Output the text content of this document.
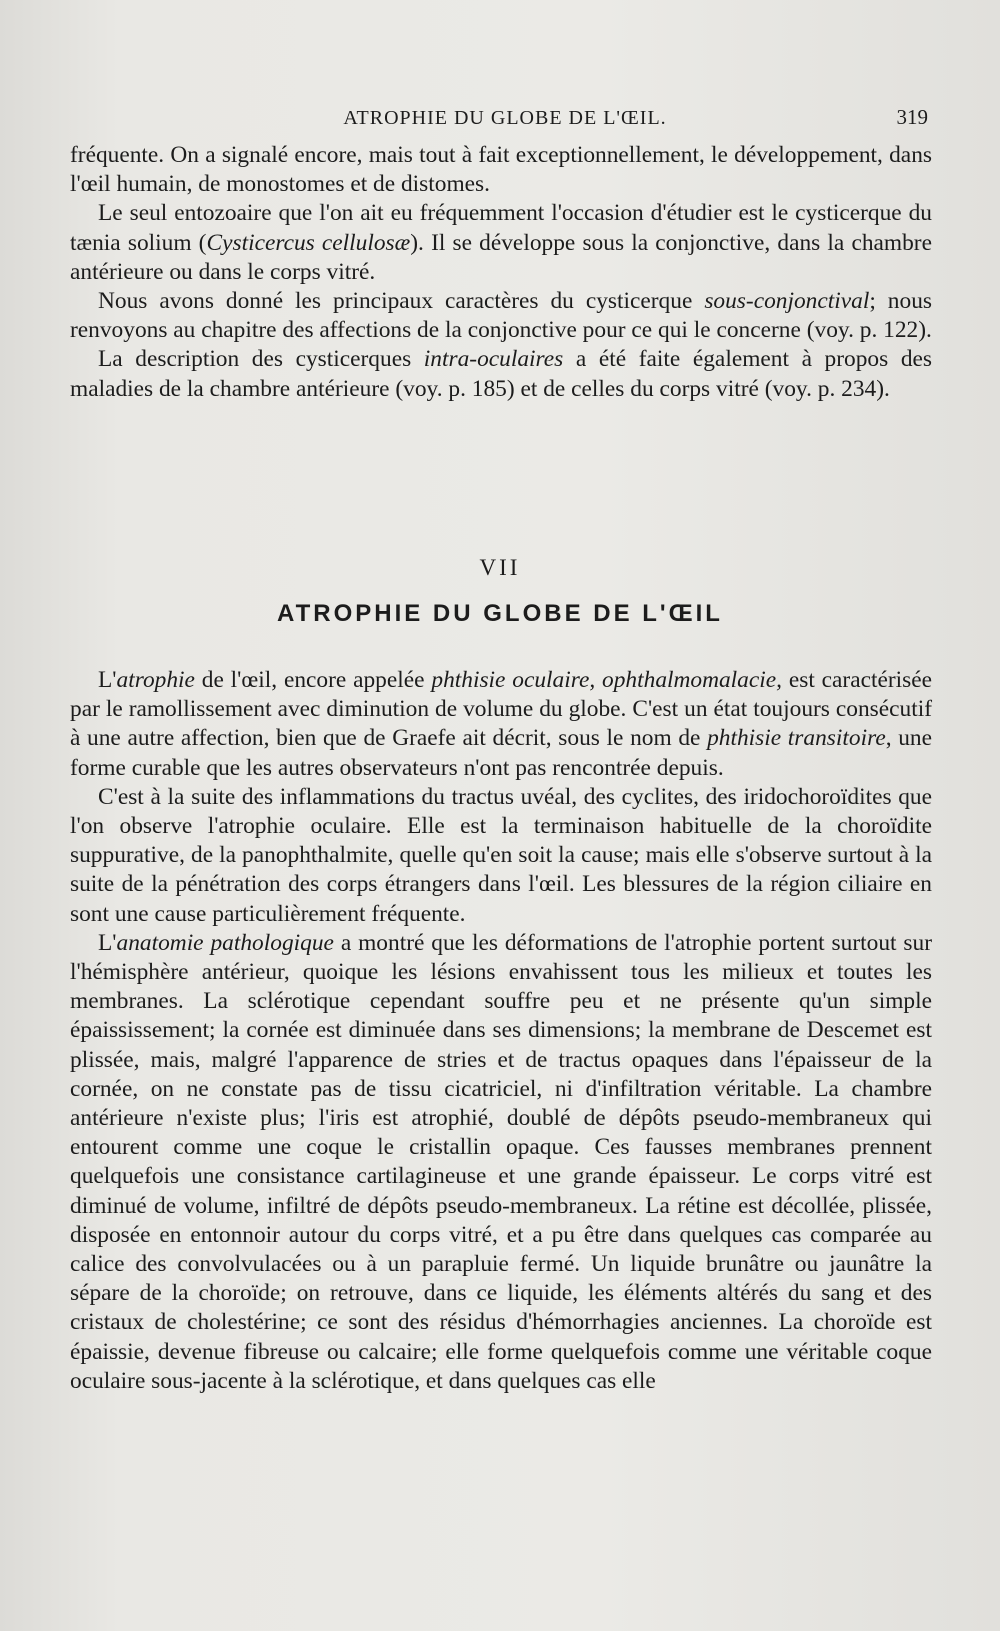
ATROPHIE DU GLOBE DE L'ŒIL.	319

fréquente. On a signalé encore, mais tout à fait exceptionnellement, le développement, dans l'œil humain, de monostomes et de distomes.

Le seul entozoaire que l'on ait eu fréquemment l'occasion d'étudier est le cysticerque du tænia solium (Cysticercus cellulosæ). Il se développe sous la conjonctive, dans la chambre antérieure ou dans le corps vitré.

Nous avons donné les principaux caractères du cysticerque sous-conjonctival; nous renvoyons au chapitre des affections de la conjonctive pour ce qui le concerne (voy. p. 122).

La description des cysticerques intra-oculaires a été faite également à propos des maladies de la chambre antérieure (voy. p. 185) et de celles du corps vitré (voy. p. 234).

VII
ATROPHIE DU GLOBE DE L'ŒIL

L'atrophie de l'œil, encore appelée phthisie oculaire, ophthalmomalacie, est caractérisée par le ramollissement avec diminution de volume du globe. C'est un état toujours consécutif à une autre affection, bien que de Graefe ait décrit, sous le nom de phthisie transitoire, une forme curable que les autres observateurs n'ont pas rencontrée depuis.

C'est à la suite des inflammations du tractus uvéal, des cyclites, des iridochoroïdites que l'on observe l'atrophie oculaire. Elle est la terminaison habituelle de la choroïdite suppurative, de la panophthalmite, quelle qu'en soit la cause; mais elle s'observe surtout à la suite de la pénétration des corps étrangers dans l'œil. Les blessures de la région ciliaire en sont une cause particulièrement fréquente.

L'anatomie pathologique a montré que les déformations de l'atrophie portent surtout sur l'hémisphère antérieur, quoique les lésions envahissent tous les milieux et toutes les membranes. La sclérotique cependant souffre peu et ne présente qu'un simple épaississement; la cornée est diminuée dans ses dimensions; la membrane de Descemet est plissée, mais, malgré l'apparence de stries et de tractus opaques dans l'épaisseur de la cornée, on ne constate pas de tissu cicatriciel, ni d'infiltration véritable. La chambre antérieure n'existe plus; l'iris est atrophié, doublé de dépôts pseudo-membraneux qui entourent comme une coque le cristallin opaque. Ces fausses membranes prennent quelquefois une consistance cartilagineuse et une grande épaisseur. Le corps vitré est diminué de volume, infiltré de dépôts pseudo-membraneux. La rétine est décollée, plissée, disposée en entonnoir autour du corps vitré, et a pu être dans quelques cas comparée au calice des convolvulacées ou à un parapluie fermé. Un liquide brunâtre ou jaunâtre la sépare de la choroïde; on retrouve, dans ce liquide, les éléments altérés du sang et des cristaux de cholestérine; ce sont des résidus d'hémorrhagies anciennes. La choroïde est épaissie, devenue fibreuse ou calcaire; elle forme quelquefois comme une véritable coque oculaire sous-jacente à la sclérotique, et dans quelques cas elle
